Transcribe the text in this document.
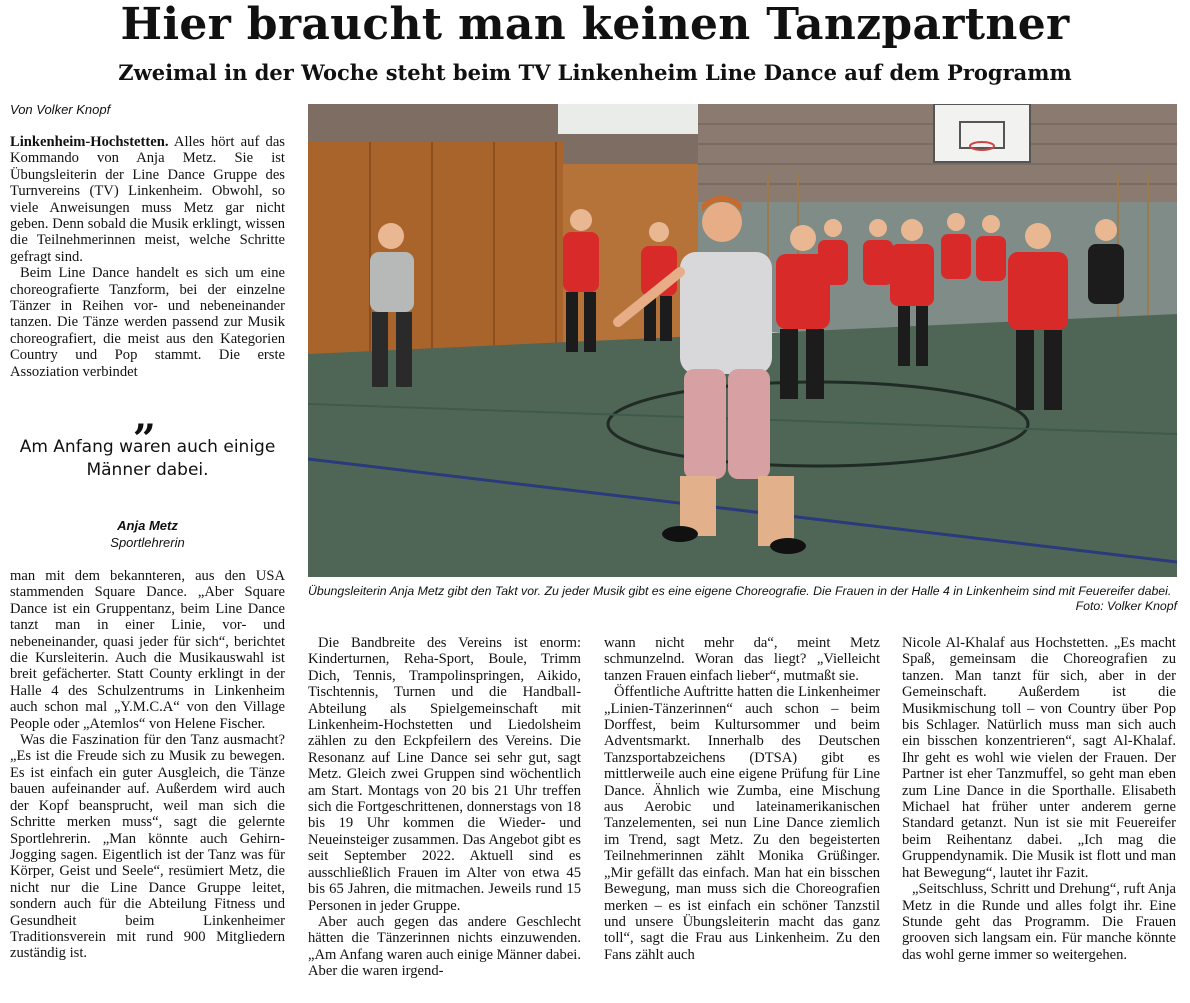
Hier braucht man keinen Tanzpartner
Zweimal in der Woche steht beim TV Linkenheim Line Dance auf dem Programm
Von Volker Knopf

Linkenheim-Hochstetten. Alles hört auf das Kommando von Anja Metz. Sie ist Übungsleiterin der Line Dance Gruppe des Turnvereins (TV) Linkenheim. Obwohl, so viele Anweisungen muss Metz gar nicht geben. Denn sobald die Musik erklingt, wissen die Teilnehmerinnen meist, welche Schritte gefragt sind.

Beim Line Dance handelt es sich um eine choreografierte Tanzform, bei der einzelne Tänzer in Reihen vor- und nebeneinander tanzen. Die Tänze werden passend zur Musik choreografiert, die meist aus den Kategorien Country und Pop stammt. Die erste Assoziation verbindet

„
Am Anfang waren auch einige Männer dabei.
Anja Metz
Sportlehrerin

man mit dem bekannteren, aus den USA stammenden Square Dance. „Aber Square Dance ist ein Gruppentanz, beim Line Dance tanzt man in einer Linie, vor- und nebeneinander, quasi jeder für sich“, berichtet die Kursleiterin. Auch die Musikauswahl ist breit gefächerter. Statt County erklingt in der Halle 4 des Schulzentrums in Linkenheim auch schon mal „Y.M.C.A“ von den Village People oder „Atemlos“ von Helene Fischer.

Was die Faszination für den Tanz ausmacht? „Es ist die Freude sich zu Musik zu bewegen. Es ist einfach ein guter Ausgleich, die Tänze bauen aufeinander auf. Außerdem wird auch der Kopf beansprucht, weil man sich die Schritte merken muss“, sagt die gelernte Sportlehrerin. „Man könnte auch Gehirn-Jogging sagen. Eigentlich ist der Tanz was für Körper, Geist und Seele“, resümiert Metz, die nicht nur die Line Dance Gruppe leitet, sondern auch für die Abteilung Fitness und Gesundheit beim Linkenheimer Traditionsverein mit rund 900 Mitgliedern zuständig ist.

Übungsleiterin Anja Metz gibt den Takt vor. Zu jeder Musik gibt es eine eigene Choreografie. Die Frauen in der Halle 4 in Linkenheim sind mit Feuereifer dabei.
Foto: Volker Knopf

Die Bandbreite des Vereins ist enorm: Kinderturnen, Reha-Sport, Boule, Trimm Dich, Tennis, Trampolinspringen, Aikido, Tischtennis, Turnen und die Handball-Abteilung als Spielgemeinschaft mit Linkenheim-Hochstetten und Liedolsheim zählen zu den Eckpfeilern des Vereins. Die Resonanz auf Line Dance sei sehr gut, sagt Metz. Gleich zwei Gruppen sind wöchentlich am Start. Montags von 20 bis 21 Uhr treffen sich die Fortgeschrittenen, donnerstags von 18 bis 19 Uhr kommen die Wieder- und Neueinsteiger zusammen. Das Angebot gibt es seit September 2022. Aktuell sind es ausschließlich Frauen im Alter von etwa 45 bis 65 Jahren, die mitmachen. Jeweils rund 15 Personen in jeder Gruppe.

Aber auch gegen das andere Geschlecht hätten die Tänzerinnen nichts einzuwenden. „Am Anfang waren auch einige Männer dabei. Aber die waren irgend-

wann nicht mehr da“, meint Metz schmunzelnd. Woran das liegt? „Vielleicht tanzen Frauen einfach lieber“, mutmaßt sie.

Öffentliche Auftritte hatten die Linkenheimer „Linien-Tänzerinnen“ auch schon – beim Dorffest, beim Kultursommer und beim Adventsmarkt. Innerhalb des Deutschen Tanzsportabzeichens (DTSA) gibt es mittlerweile auch eine eigene Prüfung für Line Dance. Ähnlich wie Zumba, eine Mischung aus Aerobic und lateinamerikanischen Tanzelementen, sei nun Line Dance ziemlich im Trend, sagt Metz. Zu den begeisterten Teilnehmerinnen zählt Monika Grüßinger. „Mir gefällt das einfach. Man hat ein bisschen Bewegung, man muss sich die Choreografien merken – es ist einfach ein schöner Tanzstil und unsere Übungsleiterin macht das ganz toll“, sagt die Frau aus Linkenheim. Zu den Fans zählt auch

Nicole Al-Khalaf aus Hochstetten. „Es macht Spaß, gemeinsam die Choreografien zu tanzen. Man tanzt für sich, aber in der Gemeinschaft. Außerdem ist die Musikmischung toll – von Country über Pop bis Schlager. Natürlich muss man sich auch ein bisschen konzentrieren“, sagt Al-Khalaf. Ihr geht es wohl wie vielen der Frauen. Der Partner ist eher Tanzmuffel, so geht man eben zum Line Dance in die Sporthalle. Elisabeth Michael hat früher unter anderem gerne Standard getanzt. Nun ist sie mit Feuereifer beim Reihentanz dabei. „Ich mag die Gruppendynamik. Die Musik ist flott und man hat Bewegung“, lautet ihr Fazit.

„Seitschluss, Schritt und Drehung“, ruft Anja Metz in die Runde und alles folgt ihr. Eine Stunde geht das Programm. Die Frauen grooven sich langsam ein. Für manche könnte das wohl gerne immer so weitergehen.
